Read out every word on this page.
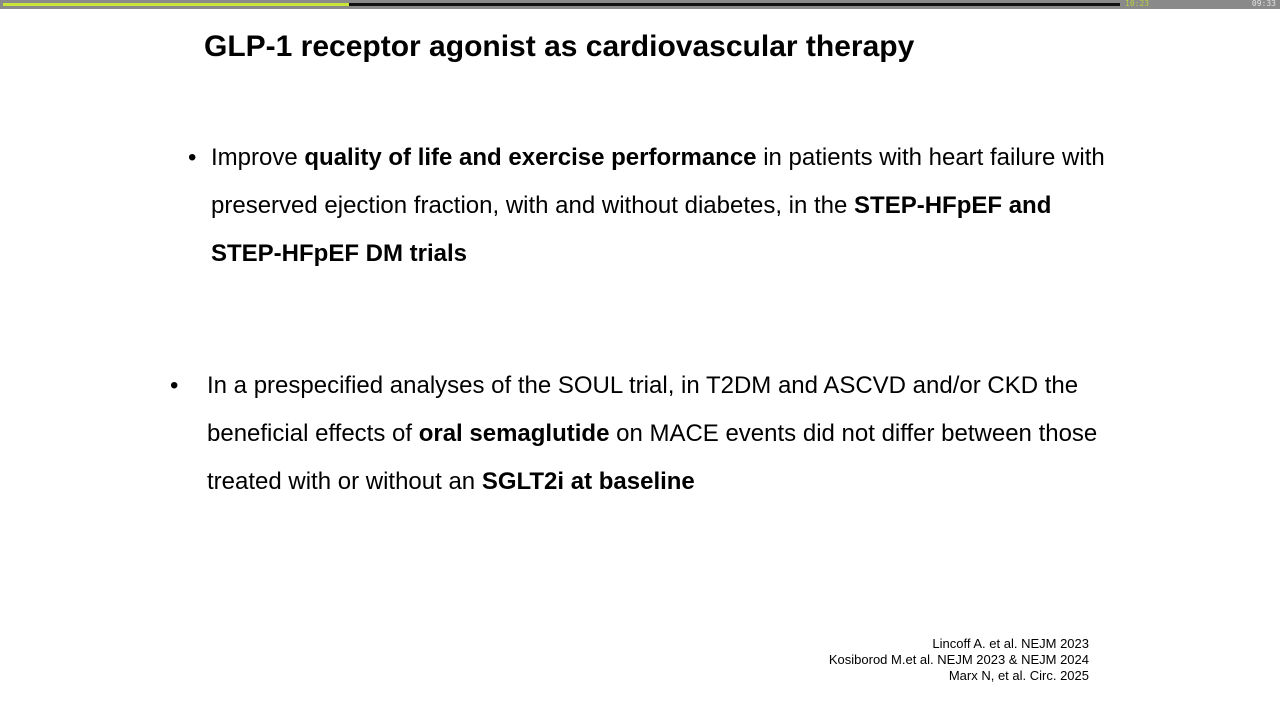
10:23	09:33
GLP-1 receptor agonist as cardiovascular therapy
• Improve quality of life and exercise performance in patients with heart failure with preserved ejection fraction, with and without diabetes, in the STEP-HFpEF and STEP-HFpEF DM trials
• In a prespecified analyses of the SOUL trial, in T2DM and ASCVD and/or CKD the beneficial effects of oral semaglutide on MACE events did not differ between those treated with or without an SGLT2i at baseline
Lincoff A. et al. NEJM 2023
Kosiborod M.et al. NEJM 2023 & NEJM 2024
Marx N, et al. Circ. 2025
